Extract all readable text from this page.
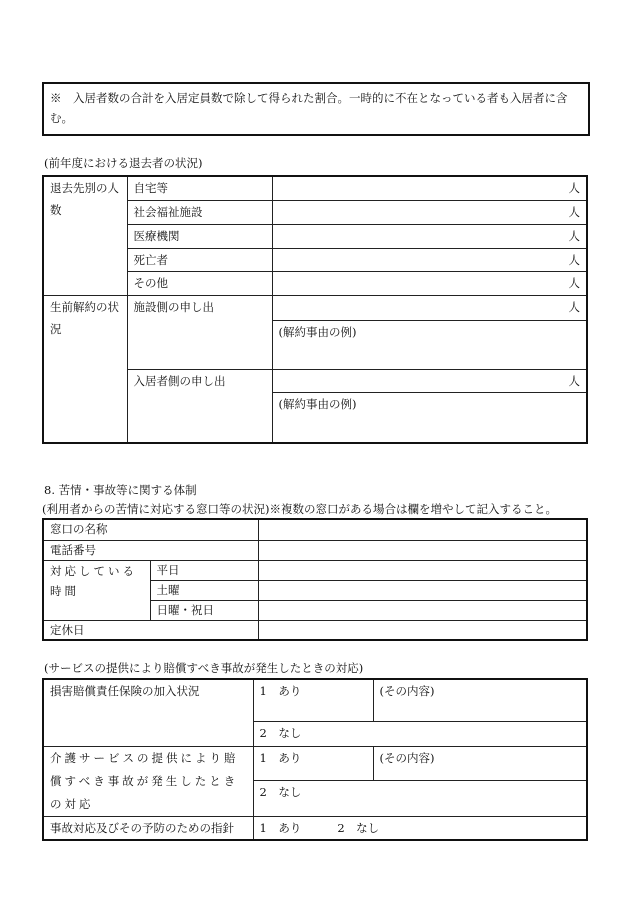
※　 入居者数の合計を入居定員数で除して得られた割合。一時的に不在となっている者も入居者に含む。
(前年度における退去者の状況)
退去先別の人数	自宅等	人
	社会福祉施設	人
	医療機関	人
	死亡者	人
	その他	人
生前解約の状況	施設側の申し出	人
		(解約事由の例)
	入居者側の申し出	人
		(解約事由の例)
8. 苦情・事故等に関する体制
(利用者からの苦情に対応する窓口等の状況)※複数の窓口がある場合は欄を増やして記入すること。
窓口の名称		
電話番号		
対応している時間	平日	
	土曜	
	日曜・祝日	
定休日		
(サービスの提供により賠償すべき事故が発生したときの対応)
損害賠償責任保険の加入状況	1　あり	(その内容)
	2　なし	
介護サービスの提供により賠償すべき事故が発生したときの対応	1　あり	(その内容)
	2　なし	
事故対応及びその予防のための指針	1　あり 2　なし	
